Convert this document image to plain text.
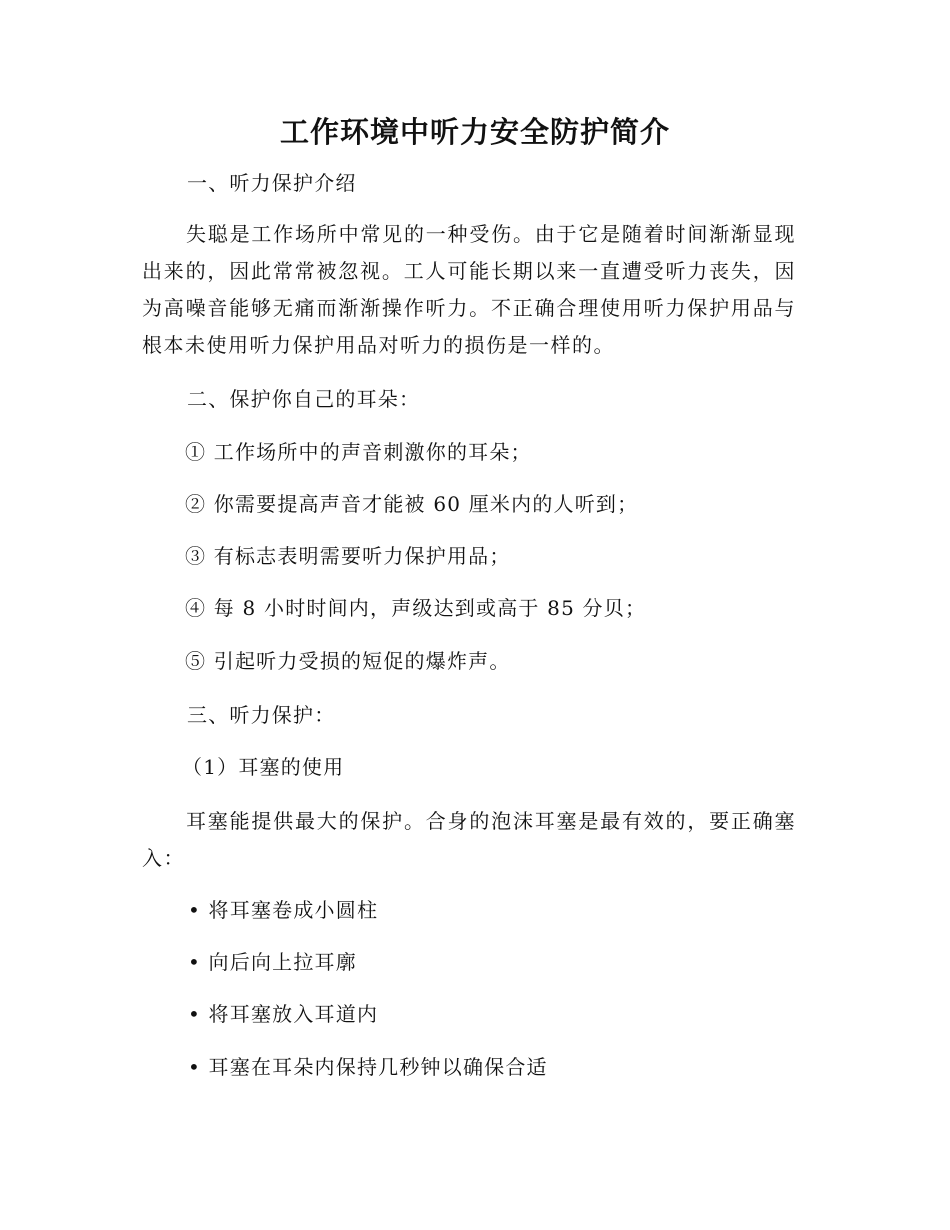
工作环境中听力安全防护简介
一、听力保护介绍
失聪是工作场所中常见的一种受伤。由于它是随着时间渐渐显现出来的，因此常常被忽视。工人可能长期以来一直遭受听力丧失，因为高噪音能够无痛而渐渐操作听力。不正确合理使用听力保护用品与根本未使用听力保护用品对听力的损伤是一样的。
二、保护你自己的耳朵：
① 工作场所中的声音刺激你的耳朵；
② 你需要提高声音才能被 60 厘米内的人听到；
③ 有标志表明需要听力保护用品；
④ 每 8 小时时间内，声级达到或高于 85 分贝；
⑤ 引起听力受损的短促的爆炸声。
三、听力保护：
（1）耳塞的使用
耳塞能提供最大的保护。合身的泡沫耳塞是最有效的，要正确塞入：
• 将耳塞卷成小圆柱
• 向后向上拉耳廓
• 将耳塞放入耳道内
• 耳塞在耳朵内保持几秒钟以确保合适
